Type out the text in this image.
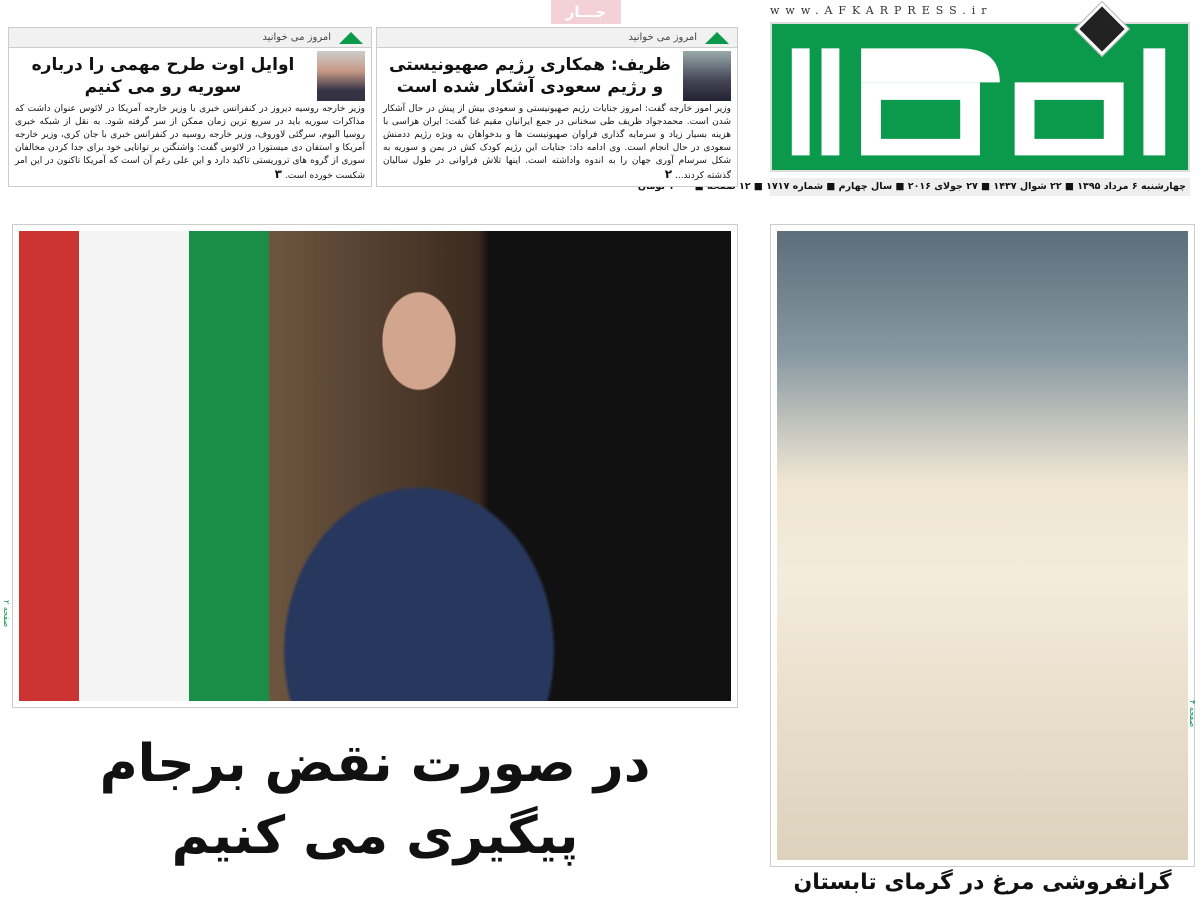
www.AFKARPRESS.ir
چهارشنبه ۶ مرداد ۱۳۹۵ ■ ۲۲ شوال ۱۴۳۷ ■ ۲۷ جولای ۲۰۱۶ ■ سال چهارم ■ شماره ۱۷۱۷ ■ ۱۲
جـــار
امروز می خوانید
ظریف: همکاری رژیم صهیونیستی و رژیم سعودی آشکار شده است
وزیر امور خارجه گفت: امروز جنایات رژیم صهیونیستی و سعودی بیش از پیش در حال آشکار شدن است. محمدجواد ظریف طی سخنانی در جمع ایرانیان مقیم غنا گفت: ایران هراسی با هزینه بسیار زیاد و سرمایه گذاری فراوان صهیونیست ها و بدخواهان به ویژه رژیم ددمنش سعودی در حال انجام است. وی ادامه داد: جنایات این رژیم کودک کش در یمن و سوریه به شکل سرسام آوری جهان را به اندوه واداشته است. اینها تلاش فراوانی در طول سالیان گذشته کردند... ۲
امروز می خوانید
اوایل اوت طرح مهمی را درباره سوریه رو می کنیم
وزیر خارجه روسیه دیروز در کنفرانس خبری با وزیر خارجه آمریکا در لائوس عنوان داشت که مذاکرات سوریه باید در سریع ترین زمان ممکن از سر گرفته شود. به نقل از شبکه خبری روسیا الیوم، سرگئی لاوروف، وزیر خارجه روسیه در کنفرانس خبری با جان کری، وزیر خارجه آمریکا و استفان دی میستورا در لائوس گفت: واشنگتن بر توانایی خود برای جدا کردن مخالفان سوری از گروه های تروریستی تاکید دارد و این علی رغم آن است که آمریکا تاکنون در این امر شکست خورده است. ۳
گرانفروشی مرغ در گرمای تابستان
صفحه ۴
صفحه ۲
در صورت نقض برجام
پیگیری می کنیم
